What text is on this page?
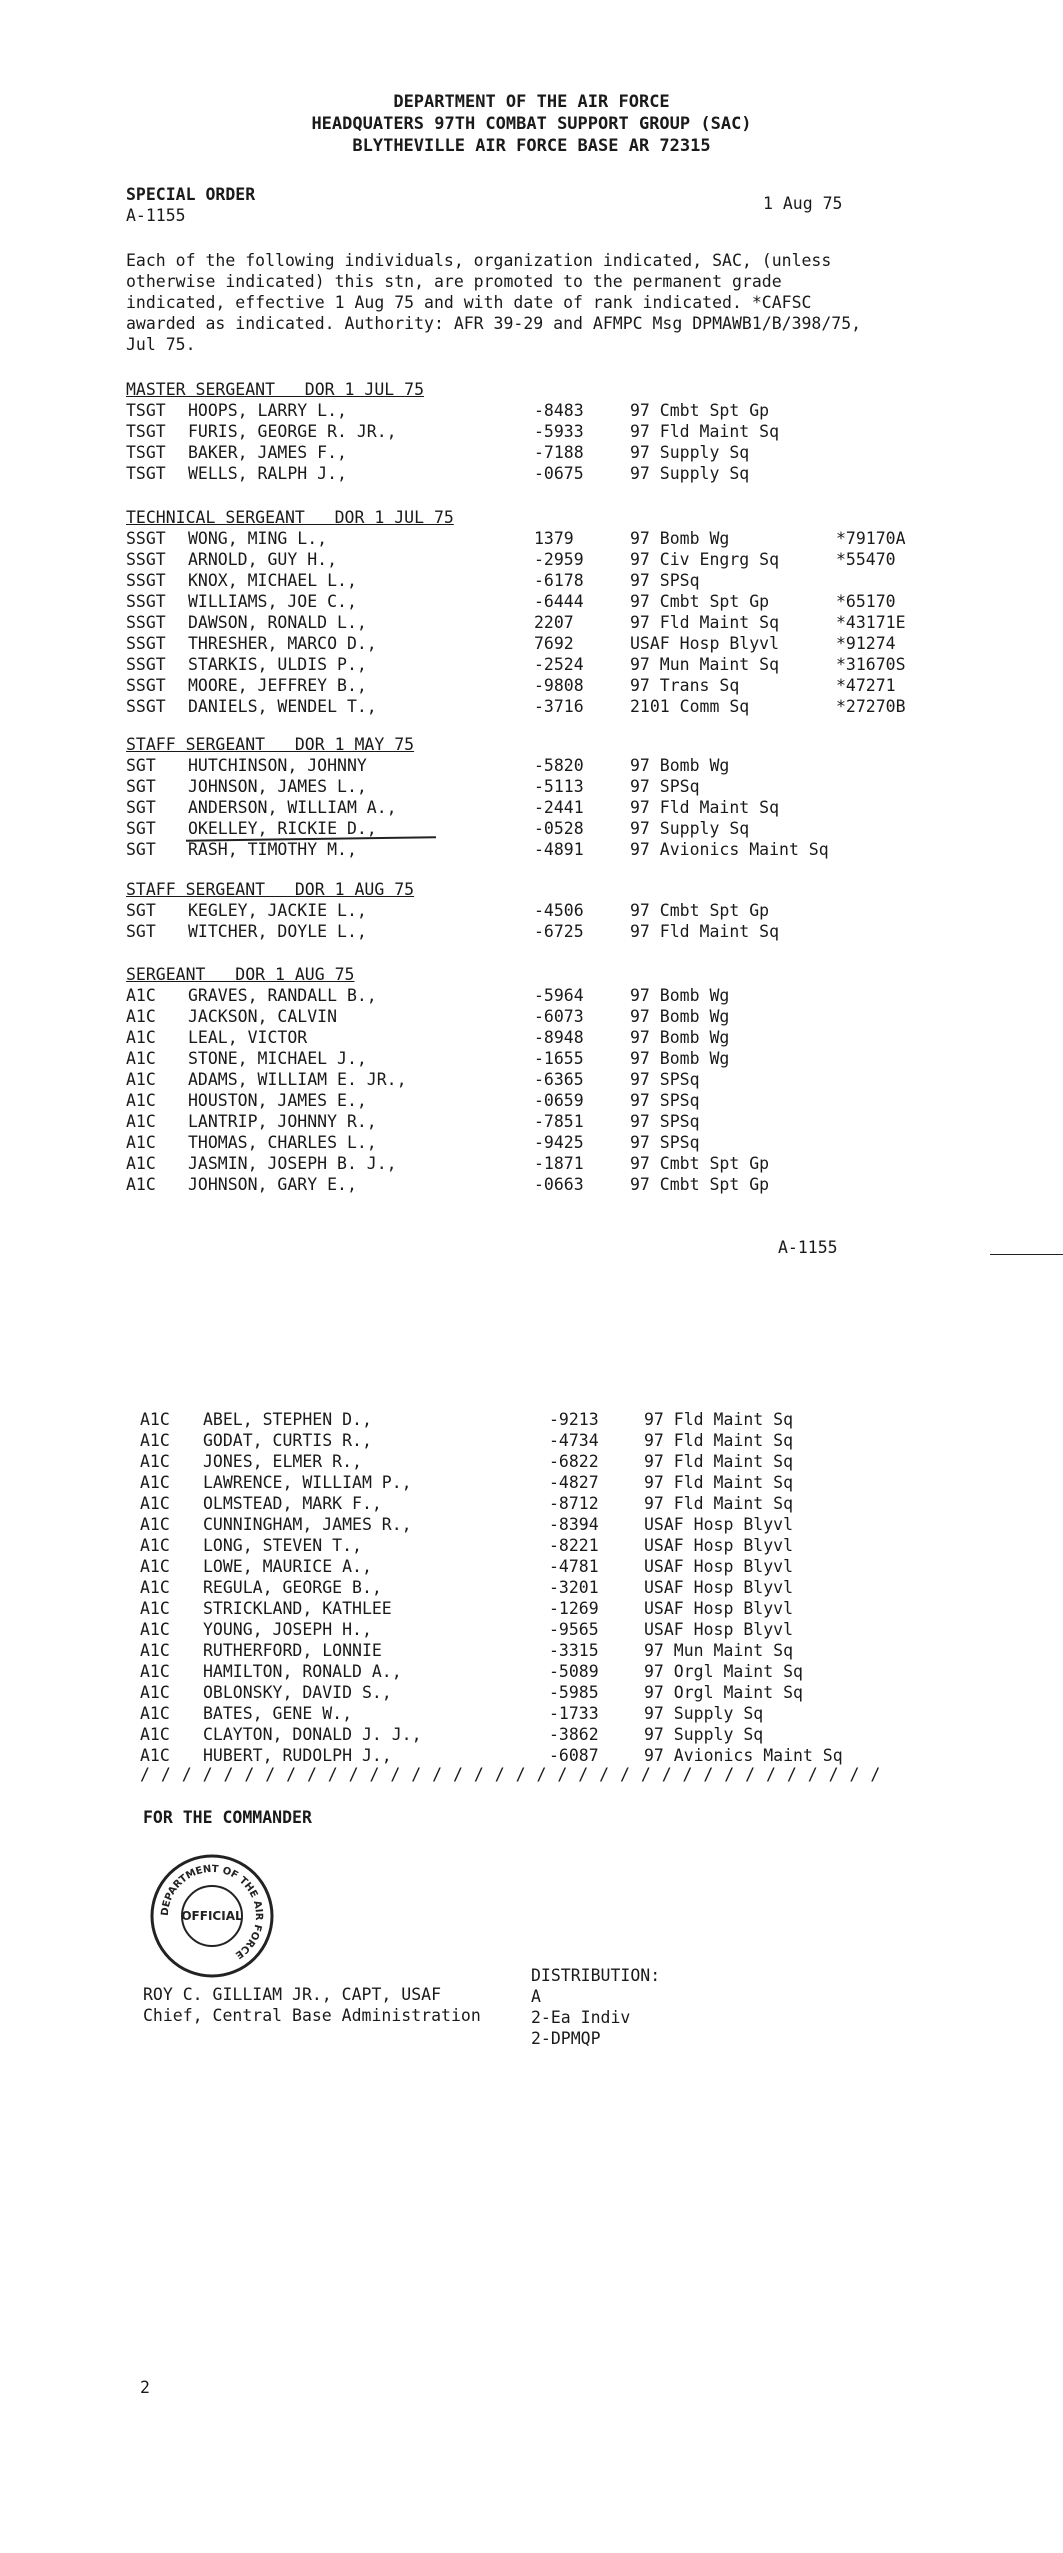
DEPARTMENT OF THE AIR FORCE
HEADQUATERS 97TH COMBAT SUPPORT GROUP (SAC)
BLYTHEVILLE AIR FORCE BASE AR 72315
SPECIAL ORDER
A-1155
1 Aug 75
Each of the following individuals, organization indicated, SAC, (unless otherwise indicated) this stn, are promoted to the permanent grade indicated, effective 1 Aug 75 and with date of rank indicated. *CAFSC awarded as indicated. Authority: AFR 39-29 and AFMPC Msg DPMAWB1/B/398/75, Jul 75.
MASTER SERGEANT   DOR 1 JUL 75
TSGT HOOPS, LARRY L.,	-8483	97 Cmbt Spt Gp
TSGT FURIS, GEORGE R. JR.,	-5933	97 Fld Maint Sq
TSGT BAKER, JAMES F.,	-7188	97 Supply Sq
TSGT WELLS, RALPH J.,	-0675	97 Supply Sq
TECHNICAL SERGEANT   DOR 1 JUL 75
SSGT WONG, MING L.,	1379	97 Bomb Wg	*79170A
SSGT ARNOLD, GUY H.,	-2959	97 Civ Engrg Sq	*55470
SSGT KNOX, MICHAEL L.,	-6178	97 SPSq
SSGT WILLIAMS, JOE C.,	-6444	97 Cmbt Spt Gp	*65170
SSGT DAWSON, RONALD L.,	2207	97 Fld Maint Sq	*43171E
SSGT THRESHER, MARCO D.,	7692	USAF Hosp Blyvl	*91274
SSGT STARKIS, ULDIS P.,	-2524	97 Mun Maint Sq	*31670S
SSGT MOORE, JEFFREY B.,	-9808	97 Trans Sq	*47271
SSGT DANIELS, WENDEL T.,	-3716	2101 Comm Sq	*27270B
STAFF SERGEANT   DOR 1 MAY 75
SGT HUTCHINSON, JOHNNY	-5820	97 Bomb Wg
SGT JOHNSON, JAMES L.,	-5113	97 SPSq
SGT ANDERSON, WILLIAM A.,	-2441	97 Fld Maint Sq
SGT OKELLEY, RICKIE D.,	-0528	97 Supply Sq
SGT RASH, TIMOTHY M.,	-4891	97 Avionics Maint Sq
STAFF SERGEANT   DOR 1 AUG 75
SGT KEGLEY, JACKIE L.,	-4506	97 Cmbt Spt Gp
SGT WITCHER, DOYLE L.,	-6725	97 Fld Maint Sq
SERGEANT   DOR 1 AUG 75
A1C GRAVES, RANDALL B.,	-5964	97 Bomb Wg
A1C JACKSON, CALVIN	-6073	97 Bomb Wg
A1C LEAL, VICTOR	-8948	97 Bomb Wg
A1C STONE, MICHAEL J.,	-1655	97 Bomb Wg
A1C ADAMS, WILLIAM E. JR.,	-6365	97 SPSq
A1C HOUSTON, JAMES E.,	-0659	97 SPSq
A1C LANTRIP, JOHNNY R.,	-7851	97 SPSq
A1C THOMAS, CHARLES L.,	-9425	97 SPSq
A1C JASMIN, JOSEPH B. J.,	-1871	97 Cmbt Spt Gp
A1C JOHNSON, GARY E.,	-0663	97 Cmbt Spt Gp
A-1155
A1C ABEL, STEPHEN D.,	-9213	97 Fld Maint Sq
A1C GODAT, CURTIS R.,	-4734	97 Fld Maint Sq
A1C JONES, ELMER R.,	-6822	97 Fld Maint Sq
A1C LAWRENCE, WILLIAM P.,	-4827	97 Fld Maint Sq
A1C OLMSTEAD, MARK F.,	-8712	97 Fld Maint Sq
A1C CUNNINGHAM, JAMES R.,	-8394	USAF Hosp Blyvl
A1C LONG, STEVEN T.,	-8221	USAF Hosp Blyvl
A1C LOWE, MAURICE A.,	-4781	USAF Hosp Blyvl
A1C REGULA, GEORGE B.,	-3201	USAF Hosp Blyvl
A1C STRICKLAND, KATHLEE	-1269	USAF Hosp Blyvl
A1C YOUNG, JOSEPH H.,	-9565	USAF Hosp Blyvl
A1C RUTHERFORD, LONNIE	-3315	97 Mun Maint Sq
A1C HAMILTON, RONALD A.,	-5089	97 Orgl Maint Sq
A1C OBLONSKY, DAVID S.,	-5985	97 Orgl Maint Sq
A1C BATES, GENE W.,	-1733	97 Supply Sq
A1C CLAYTON, DONALD J. J.,	-3862	97 Supply Sq
A1C HUBERT, RUDOLPH J.,	-6087	97 Avionics Maint Sq
/ / / / / / / / / / / / / / / / / / / / / / / / / / / / / / / / / / / /
FOR THE COMMANDER
DEPARTMENT OF THE AIR FORCE
OFFICIAL
ROY C. GILLIAM JR., CAPT, USAF
Chief, Central Base Administration
DISTRIBUTION:
A
2-Ea Indiv
2-DPMQP
2
